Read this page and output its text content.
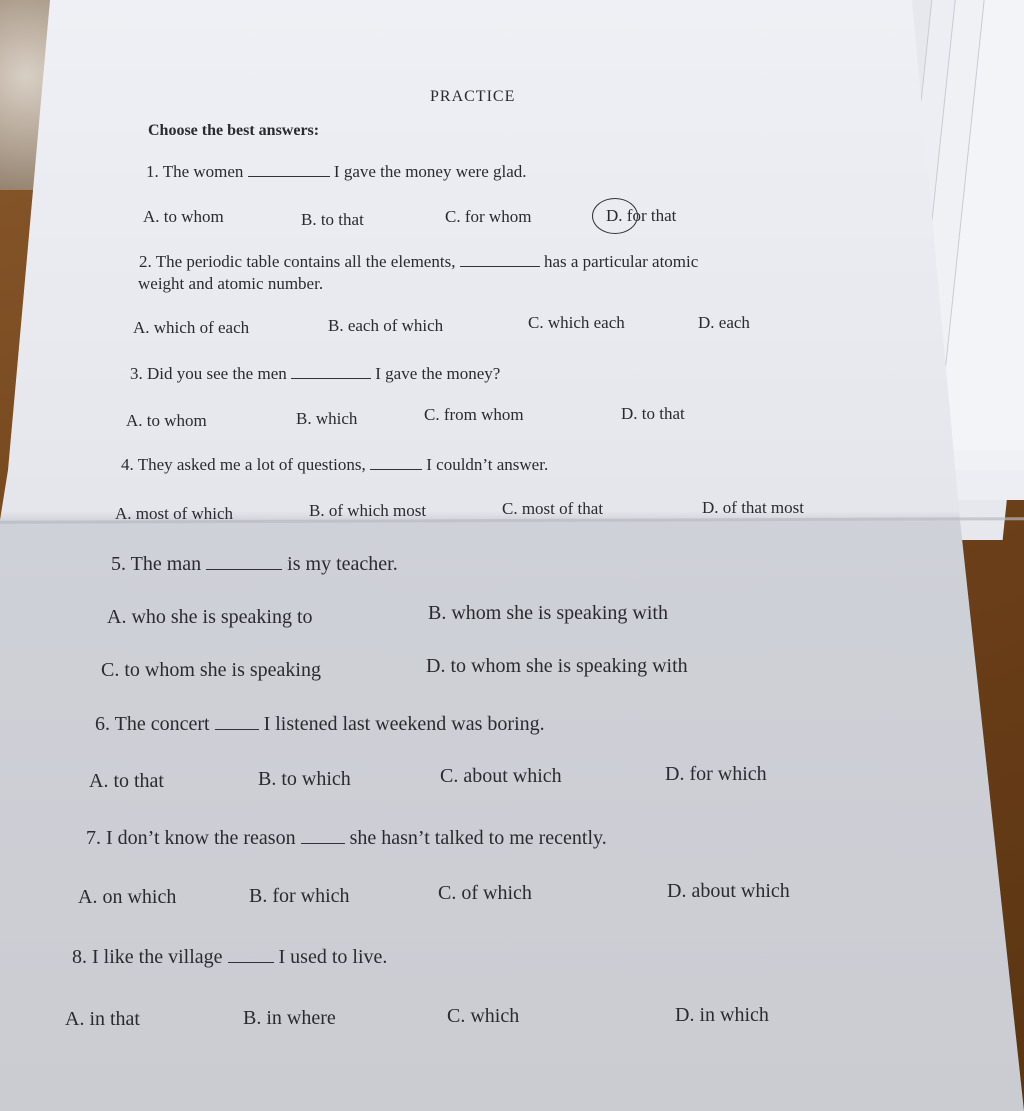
PRACTICE
Choose the best answers:
1. The women	I gave the money were glad.
A. to whom	B. to that	C. for whom	D. for that
2. The periodic table contains all the elements,	has a particular atomic
weight and atomic number.
A. which of each	B. each of which	C. which each	D. each
3. Did you see the men	I gave the money?
A. to whom	B. which	C. from whom	D. to that
4. They asked me a lot of questions,	I couldn’t answer.
A. most of which	B. of which most	C. most of that	D. of that most
5. The man	is my teacher.
A. who she is speaking to	B. whom she is speaking with
C. to whom she is speaking	D. to whom she is speaking with
6. The concert	I listened last weekend was boring.
A. to that	B. to which	C. about which	D. for which
7. I don’t know the reason	she hasn’t talked to me recently.
A. on which	B. for which	C. of which	D. about which
8. I like the village	I used to live.
A. in that	B. in where	C. which	D. in which
